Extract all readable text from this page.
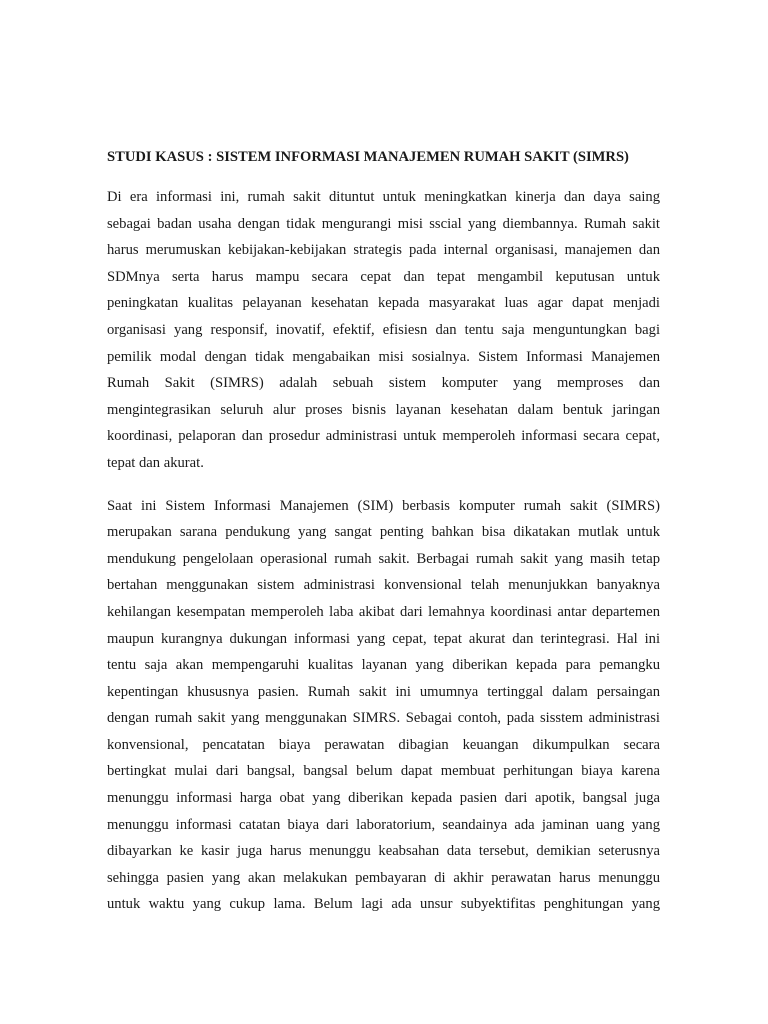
STUDI KASUS : SISTEM INFORMASI MANAJEMEN RUMAH SAKIT (SIMRS)

Di era informasi ini, rumah sakit dituntut untuk meningkatkan kinerja dan daya saing
sebagai badan usaha dengan tidak mengurangi misi sscial yang diembannya. Rumah sakit
harus merumuskan kebijakan-kebijakan strategis pada internal organisasi, manajemen dan
SDMnya serta harus mampu secara cepat dan tepat mengambil keputusan untuk
peningkatan kualitas pelayanan kesehatan kepada masyarakat luas agar dapat menjadi
organisasi yang responsif, inovatif, efektif, efisiesn dan tentu saja menguntungkan bagi
pemilik modal dengan tidak mengabaikan misi sosialnya. Sistem Informasi Manajemen
Rumah Sakit (SIMRS) adalah sebuah sistem komputer yang memproses dan
mengintegrasikan seluruh alur proses bisnis layanan kesehatan dalam bentuk jaringan
koordinasi, pelaporan dan prosedur administrasi untuk memperoleh informasi secara cepat,
tepat dan akurat.

Saat ini Sistem Informasi Manajemen (SIM) berbasis komputer rumah sakit (SIMRS)
merupakan sarana pendukung yang sangat penting bahkan bisa dikatakan mutlak untuk
mendukung pengelolaan operasional rumah sakit. Berbagai rumah sakit yang masih tetap
bertahan menggunakan sistem administrasi konvensional telah menunjukkan banyaknya
kehilangan kesempatan memperoleh laba akibat dari lemahnya koordinasi antar departemen
maupun kurangnya dukungan informasi yang cepat, tepat akurat dan terintegrasi. Hal ini
tentu saja akan mempengaruhi kualitas layanan yang diberikan kepada para pemangku
kepentingan khususnya pasien. Rumah sakit ini umumnya tertinggal dalam persaingan
dengan rumah sakit yang menggunakan SIMRS. Sebagai contoh, pada sisstem administrasi
konvensional, pencatatan biaya perawatan dibagian keuangan dikumpulkan secara
bertingkat mulai dari bangsal, bangsal belum dapat membuat perhitungan biaya karena
menunggu informasi harga obat yang diberikan kepada pasien dari apotik, bangsal juga
menunggu informasi catatan biaya dari laboratorium, seandainya ada jaminan uang yang
dibayarkan ke kasir juga harus menunggu keabsahan data tersebut, demikian seterusnya
sehingga pasien yang akan melakukan pembayaran di akhir perawatan harus menunggu
untuk waktu yang cukup lama. Belum lagi ada unsur subyektifitas penghitungan yang
